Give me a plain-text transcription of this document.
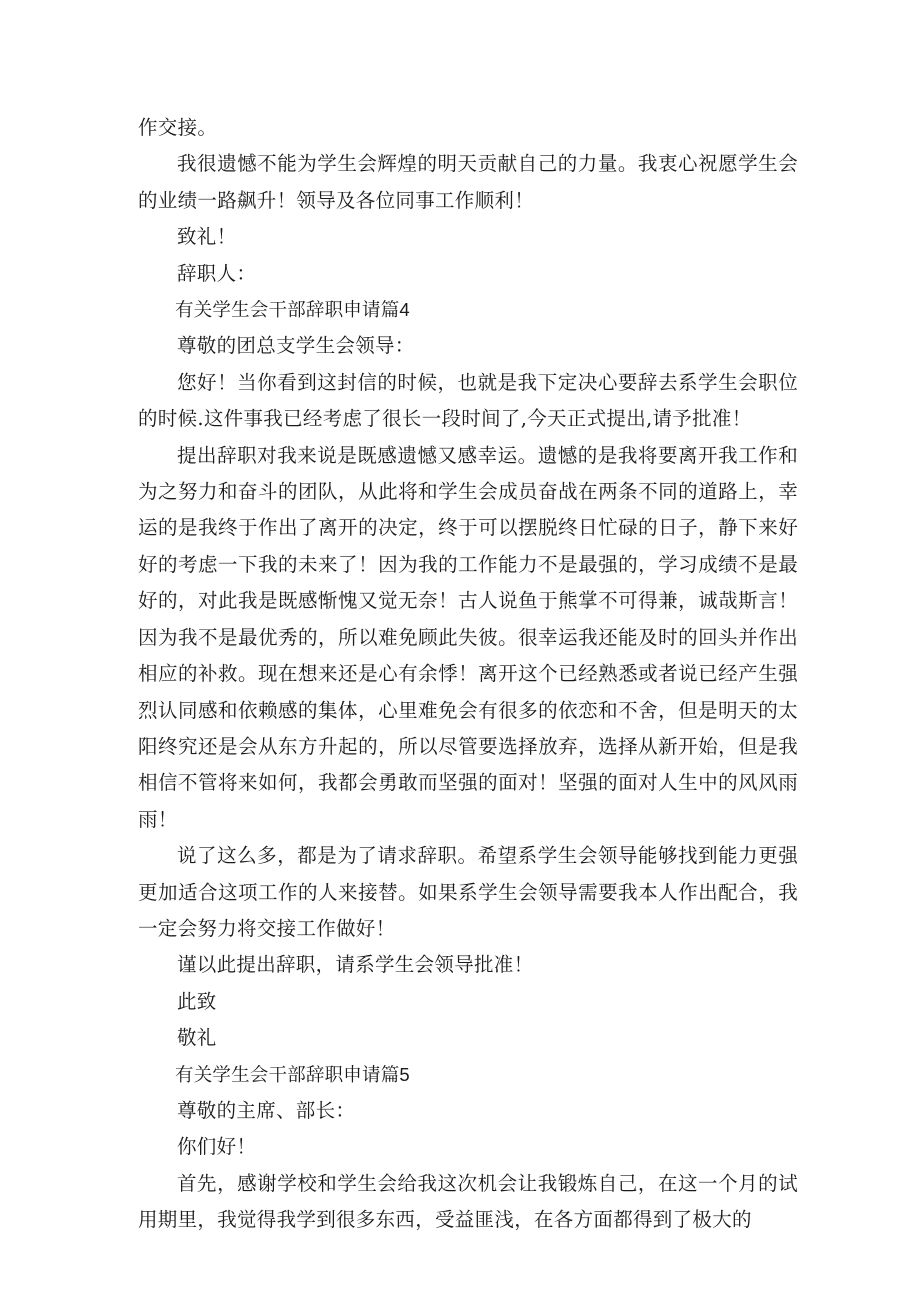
作交接。

我很遗憾不能为学生会辉煌的明天贡献自己的力量。我衷心祝愿学生会的业绩一路飙升！领导及各位同事工作顺利！

致礼！

辞职人：

有关学生会干部辞职申请篇4

尊敬的团总支学生会领导：

您好！当你看到这封信的时候，也就是我下定决心要辞去系学生会职位的时候.这件事我已经考虑了很长一段时间了,今天正式提出,请予批准！

提出辞职对我来说是既感遗憾又感幸运。遗憾的是我将要离开我工作和为之努力和奋斗的团队，从此将和学生会成员奋战在两条不同的道路上，幸运的是我终于作出了离开的决定，终于可以摆脱终日忙碌的日子，静下来好好的考虑一下我的未来了！因为我的工作能力不是最强的，学习成绩不是最好的，对此我是既感惭愧又觉无奈！古人说鱼于熊掌不可得兼，诚哉斯言！因为我不是最优秀的，所以难免顾此失彼。很幸运我还能及时的回头并作出相应的补救。现在想来还是心有余悸！离开这个已经熟悉或者说已经产生强烈认同感和依赖感的集体，心里难免会有很多的依恋和不舍，但是明天的太阳终究还是会从东方升起的，所以尽管要选择放弃，选择从新开始，但是我相信不管将来如何，我都会勇敢而坚强的面对！坚强的面对人生中的风风雨雨！

说了这么多，都是为了请求辞职。希望系学生会领导能够找到能力更强更加适合这项工作的人来接替。如果系学生会领导需要我本人作出配合，我一定会努力将交接工作做好！

谨以此提出辞职，请系学生会领导批准！

此致

敬礼

有关学生会干部辞职申请篇5

尊敬的主席、部长：

你们好！

首先，感谢学校和学生会给我这次机会让我锻炼自己，在这一个月的试用期里，我觉得我学到很多东西，受益匪浅，在各方面都得到了极大的
